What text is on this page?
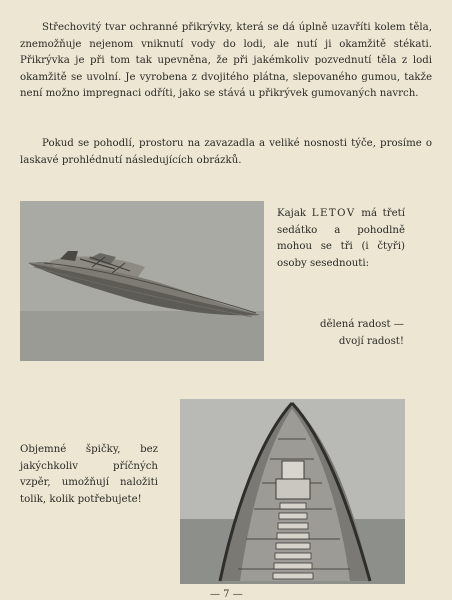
Střechovitý tvar ochranné přikrývky, která se dá úplně uzavříti kolem těla, znemožňuje nejenom vniknutí vody do lodi, ale nutí ji okamžitě stékati. Přikrývka je při tom tak upevněna, že při jakémkoliv pozvednutí těla z lodi okamžitě se uvolní. Je vyrobena z dvojitého plátna, slepovaného gumou, takže není možno impregnaci odříti, jako se stává u přikrývek gumovaných navrch.

Pokud se pohodlí, prostoru na zavazadla a veliké nosnosti týče, prosíme o laskavé prohlédnutí následujících obrázků.

Kajak LETOV má třetí sedátko a pohodlně mohou se tři (i čtyři) osoby sesednouti:

dělená radost —
dvojí radost!

Objemné špičky, bez jakýchkoliv příčných vzpěr, umožňují naložiti tolik, kolik potřebujete!

— 7 —
